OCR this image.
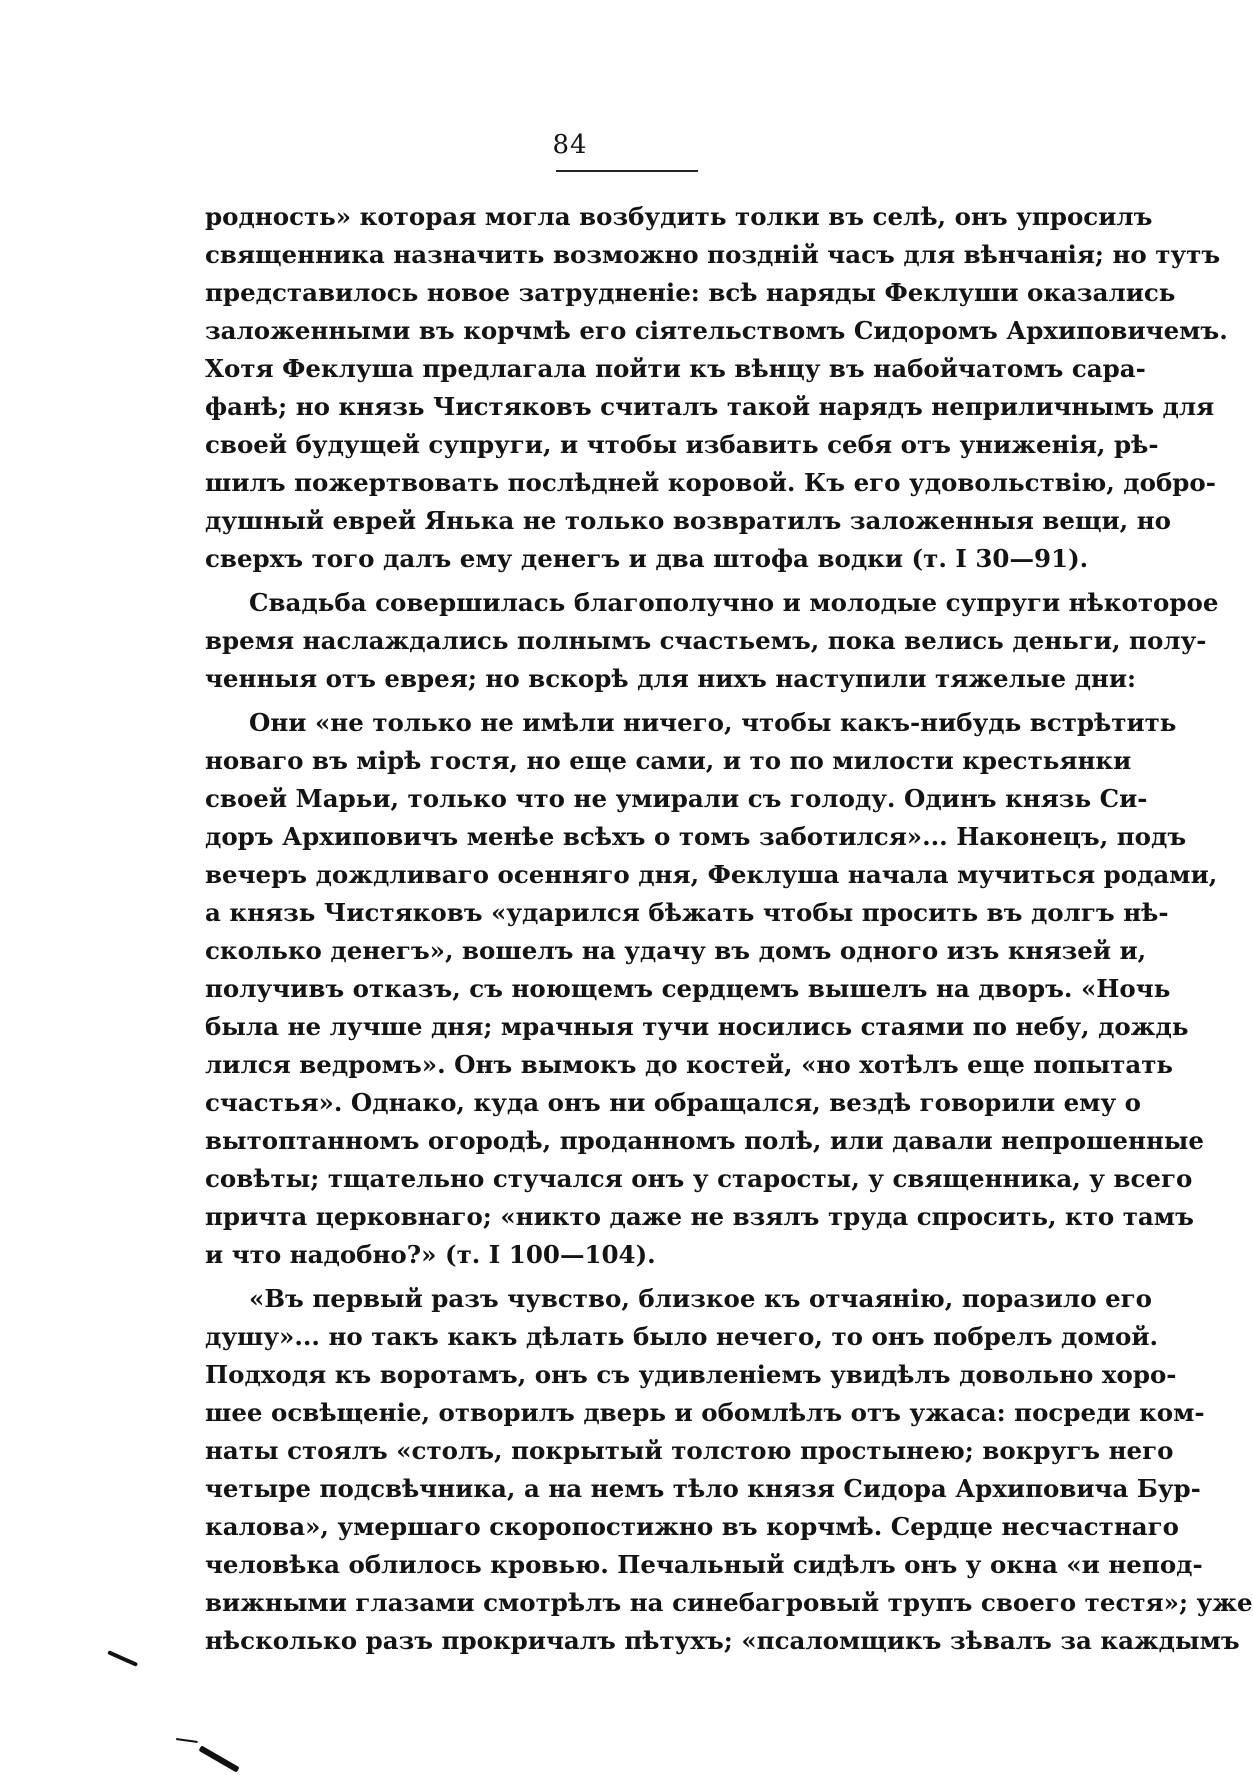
84
родность» которая могла возбудить толки въ селѣ, онъ упросилъ
священника назначить возможно поздній часъ для вѣнчанія; но тутъ
представилось новое затрудненіе: всѣ наряды Феклуши оказались
заложенными въ корчмѣ его сіятельствомъ Сидоромъ Архиповичемъ.
Хотя Феклуша предлагала пойти къ вѣнцу въ набойчатомъ сара-
фанѣ; но князь Чистяковъ считалъ такой нарядъ неприличнымъ для
своей будущей супруги, и чтобы избавить себя отъ униженія, рѣ-
шилъ пожертвовать послѣдней коровой. Къ его удовольствію, добро-
душный еврей Янька не только возвратилъ заложенныя вещи, но
сверхъ того далъ ему денегъ и два штофа водки (т. I 30—91).
Свадьба совершилась благополучно и молодые супруги нѣкоторое
время наслаждались полнымъ счастьемъ, пока велись деньги, полу-
ченныя отъ еврея; но вскорѣ для нихъ наступили тяжелые дни:
Они «не только не имѣли ничего, чтобы какъ-нибудь встрѣтить
новаго въ мірѣ гостя, но еще сами, и то по милости крестьянки
своей Марьи, только что не умирали съ голоду. Одинъ князь Си-
доръ Архиповичъ менѣе всѣхъ о томъ заботился»... Наконецъ, подъ
вечеръ дождливаго осенняго дня, Феклуша начала мучиться родами,
а князь Чистяковъ «ударился бѣжать чтобы просить въ долгъ нѣ-
сколько денегъ», вошелъ на удачу въ домъ одного изъ князей и,
получивъ отказъ, съ ноющемъ сердцемъ вышелъ на дворъ. «Ночь
была не лучше дня; мрачныя тучи носились стаями по небу, дождь
лился ведромъ». Онъ вымокъ до костей, «но хотѣлъ еще попытать
счастья». Однако, куда онъ ни обращался, вездѣ говорили ему о
вытоптанномъ огородѣ, проданномъ полѣ, или давали непрошенные
совѣты; тщательно стучался онъ у старосты, у священника, у всего
причта церковнаго; «никто даже не взялъ труда спросить, кто тамъ
и что надобно?» (т. I 100—104).
«Въ первый разъ чувство, близкое къ отчаянію, поразило его
душу»... но такъ какъ дѣлать было нечего, то онъ побрелъ домой.
Подходя къ воротамъ, онъ съ удивленіемъ увидѣлъ довольно хоро-
шее освѣщеніе, отворилъ дверь и обомлѣлъ отъ ужаса: посреди ком-
наты стоялъ «столъ, покрытый толстою простынею; вокругъ него
четыре подсвѣчника, а на немъ тѣло князя Сидора Архиповича Бур-
калова», умершаго скоропостижно въ корчмѣ. Сердце несчастнаго
человѣка облилось кровью. Печальный сидѣлъ онъ у окна «и непод-
вижными глазами смотрѣлъ на синебагровый трупъ своего тестя»; уже
нѣсколько разъ прокричалъ пѣтухъ; «псаломщикъ зѣвалъ за каждымъ
